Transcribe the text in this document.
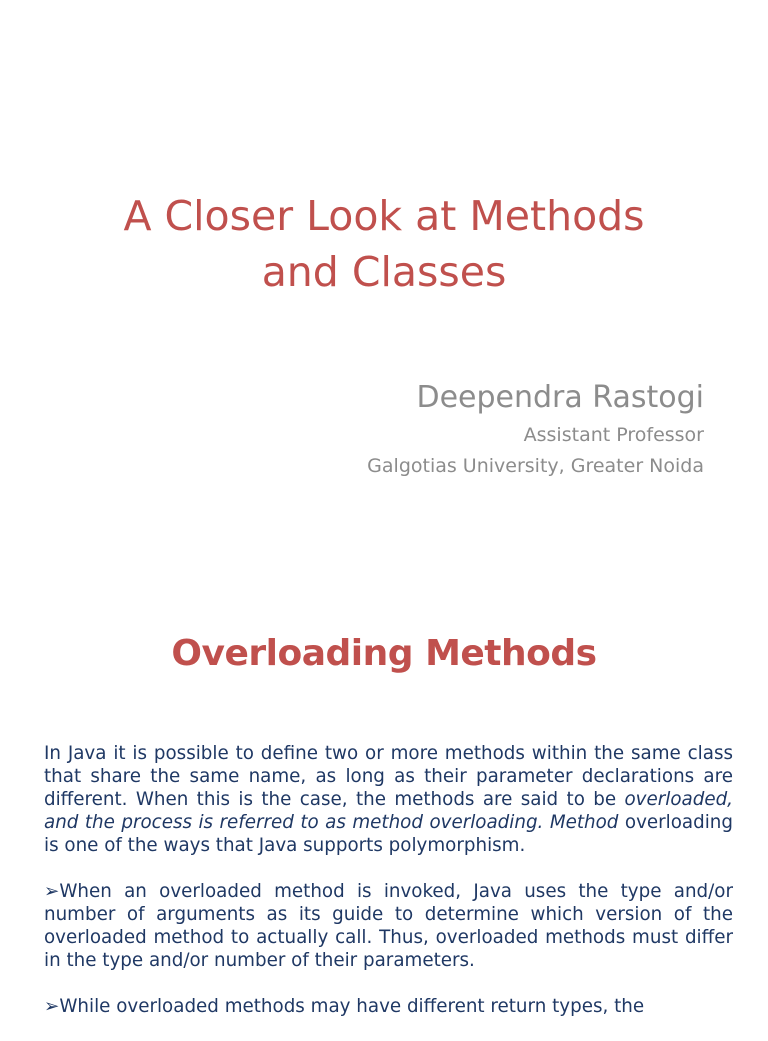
A Closer Look at Methods
and Classes
Deependra Rastogi
Assistant Professor
Galgotias University, Greater Noida
Overloading Methods

In Java it is possible to define two or more methods within the same class that share the same name, as long as their parameter declarations are different. When this is the case, the methods are said to be overloaded, and the process is referred to as method overloading. Method overloading is one of the ways that Java supports polymorphism.

➢When an overloaded method is invoked, Java uses the type and/or number of arguments as its guide to determine which version of the overloaded method to actually call. Thus, overloaded methods must differ in the type and/or number of their parameters.

➢While overloaded methods may have different return types, the
